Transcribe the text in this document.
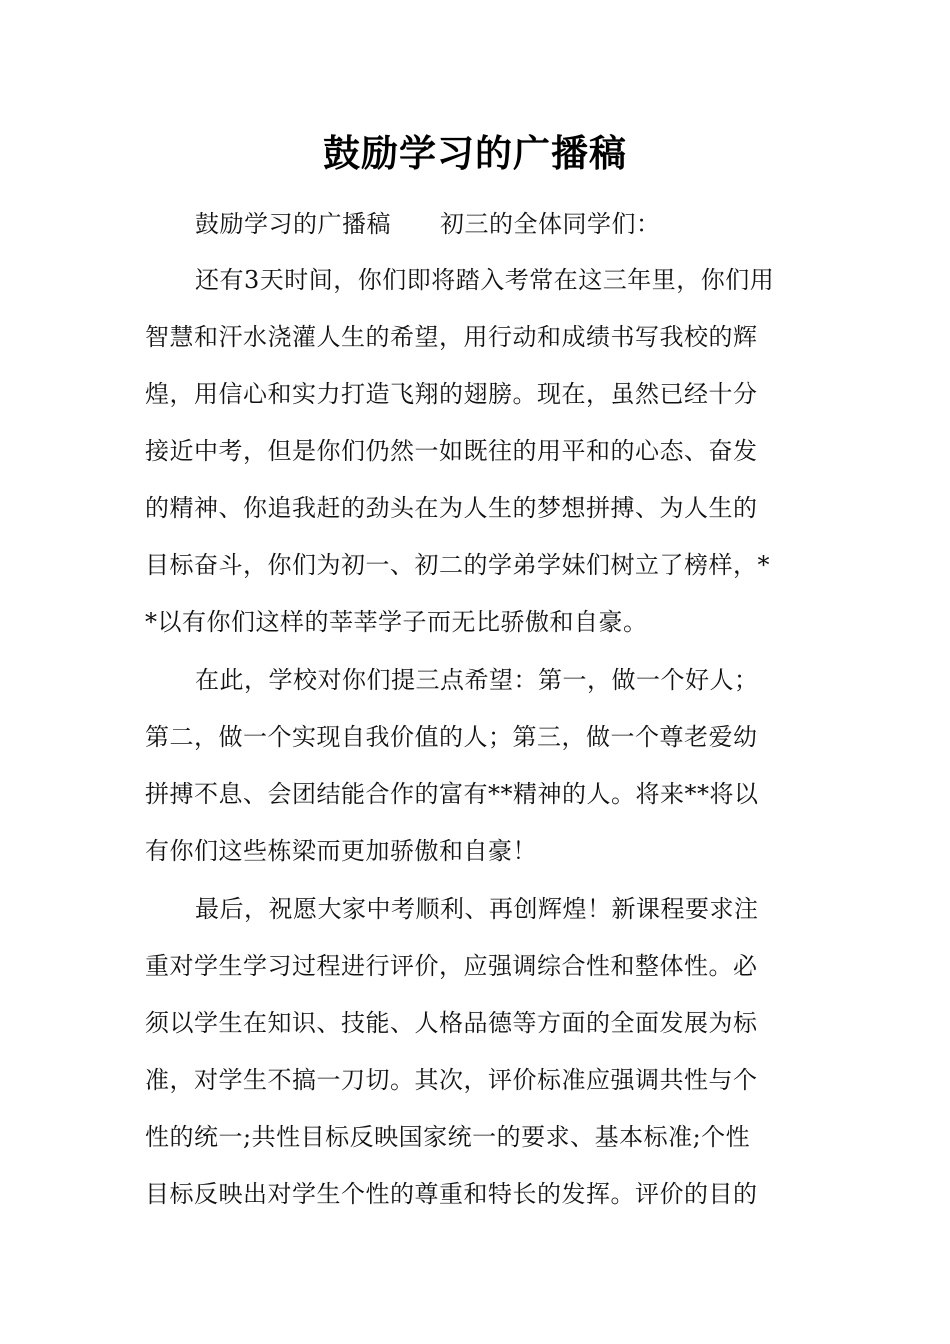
鼓励学习的广播稿
鼓励学习的广播稿　　初三的全体同学们：
还有3天时间，你们即将踏入考常在这三年里，你们用
智慧和汗水浇灌人生的希望，用行动和成绩书写我校的辉
煌，用信心和实力打造飞翔的翅膀。现在，虽然已经十分
接近中考，但是你们仍然一如既往的用平和的心态、奋发
的精神、你追我赶的劲头在为人生的梦想拼搏、为人生的
目标奋斗，你们为初一、初二的学弟学妹们树立了榜样，*
*以有你们这样的莘莘学子而无比骄傲和自豪。
在此，学校对你们提三点希望：第一，做一个好人；
第二，做一个实现自我价值的人；第三，做一个尊老爱幼
拼搏不息、会团结能合作的富有**精神的人。将来**将以
有你们这些栋梁而更加骄傲和自豪！
最后，祝愿大家中考顺利、再创辉煌！新课程要求注
重对学生学习过程进行评价，应强调综合性和整体性。必
须以学生在知识、技能、人格品德等方面的全面发展为标
准，对学生不搞一刀切。其次，评价标准应强调共性与个
性的统一;共性目标反映国家统一的要求、基本标准;个性
目标反映出对学生个性的尊重和特长的发挥。评价的目的
